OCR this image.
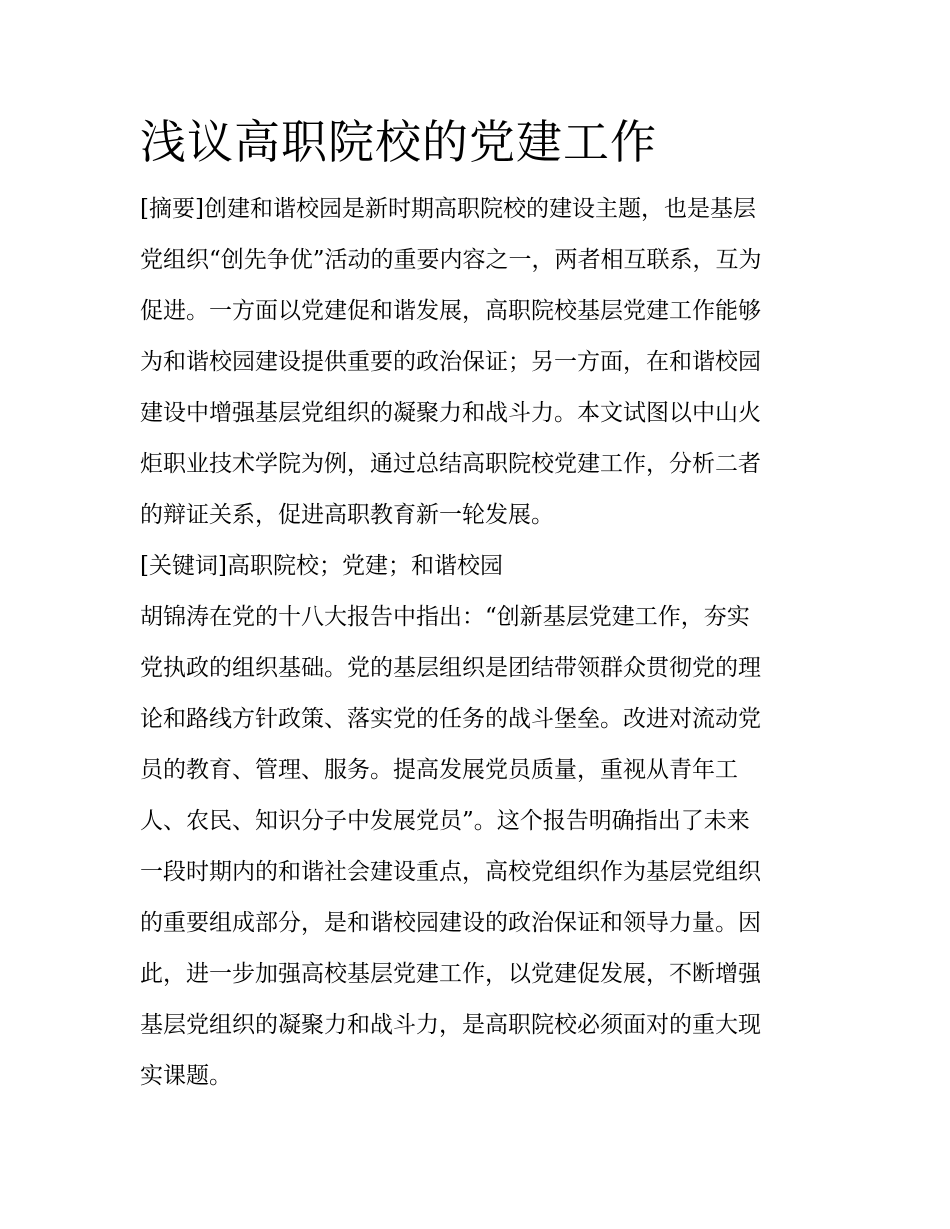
浅议高职院校的党建工作
[摘要]创建和谐校园是新时期高职院校的建设主题，也是基层
党组织“创先争优”活动的重要内容之一，两者相互联系，互为
促进。一方面以党建促和谐发展，高职院校基层党建工作能够
为和谐校园建设提供重要的政治保证；另一方面，在和谐校园
建设中增强基层党组织的凝聚力和战斗力。本文试图以中山火
炬职业技术学院为例，通过总结高职院校党建工作，分析二者
的辩证关系，促进高职教育新一轮发展。
[关键词]高职院校；党建；和谐校园
胡锦涛在党的十八大报告中指出：“创新基层党建工作，夯实
党执政的组织基础。党的基层组织是团结带领群众贯彻党的理
论和路线方针政策、落实党的任务的战斗堡垒。改进对流动党
员的教育、管理、服务。提高发展党员质量，重视从青年工
人、农民、知识分子中发展党员”。这个报告明确指出了未来
一段时期内的和谐社会建设重点，高校党组织作为基层党组织
的重要组成部分，是和谐校园建设的政治保证和领导力量。因
此，进一步加强高校基层党建工作，以党建促发展，不断增强
基层党组织的凝聚力和战斗力，是高职院校必须面对的重大现
实课题。
